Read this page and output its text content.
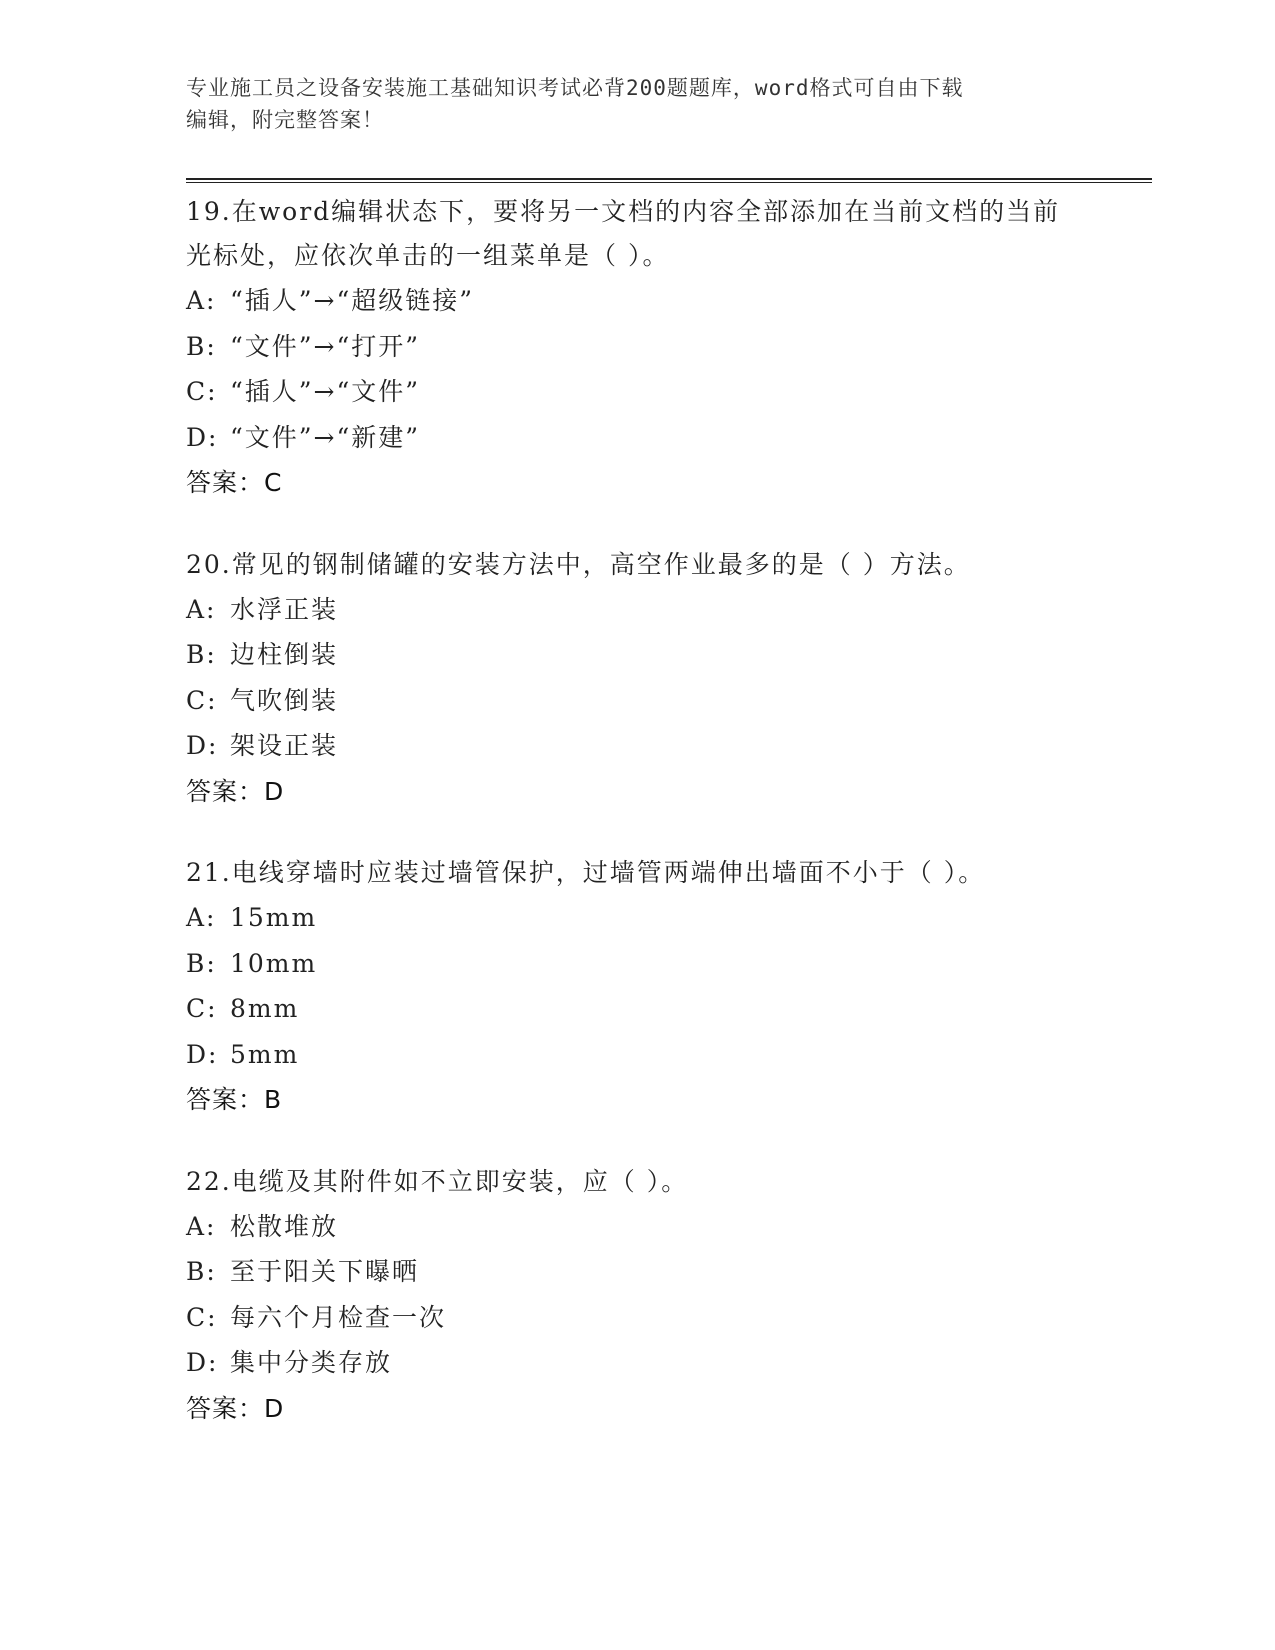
专业施工员之设备安装施工基础知识考试必背200题题库，word格式可自由下载
编辑，附完整答案！

19.在word编辑状态下，要将另一文档的内容全部添加在当前文档的当前光标处，应依次单击的一组菜单是（ ）。

A: “插人”→“超级链接”
B: “文件”→“打开”
C: “插人”→“文件”
D: “文件”→“新建”
答案：C

20.常见的钢制储罐的安装方法中，高空作业最多的是（ ）方法。

A: 水浮正装
B: 边柱倒装
C: 气吹倒装
D: 架设正装
答案：D

21.电线穿墙时应装过墙管保护，过墙管两端伸出墙面不小于（ ）。

A: 15mm
B: 10mm
C: 8mm
D: 5mm
答案：B

22.电缆及其附件如不立即安装，应（ ）。

A: 松散堆放
B: 至于阳关下曝晒
C: 每六个月检查一次
D: 集中分类存放
答案：D
